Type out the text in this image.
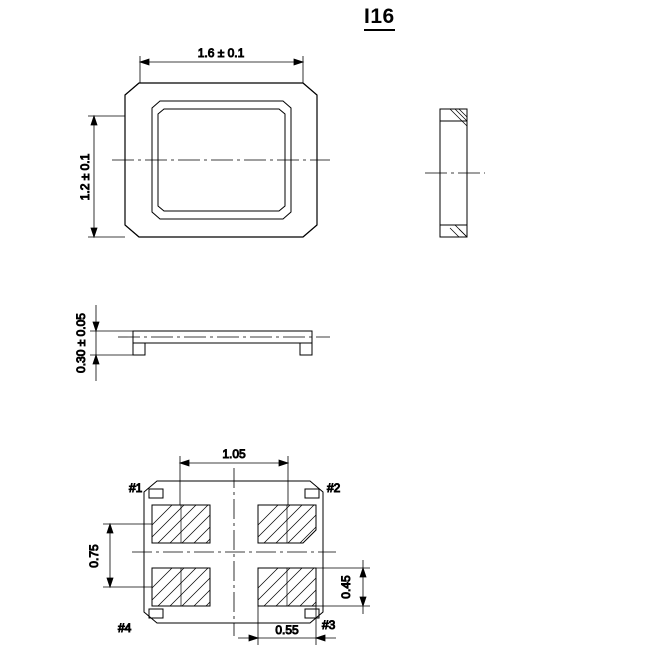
I16
1.6 ± 0.1
1.2 ± 0.1
0.30 ± 0.05
1.05
0.75
0.45
0.55
#1	#2
#3
#4
